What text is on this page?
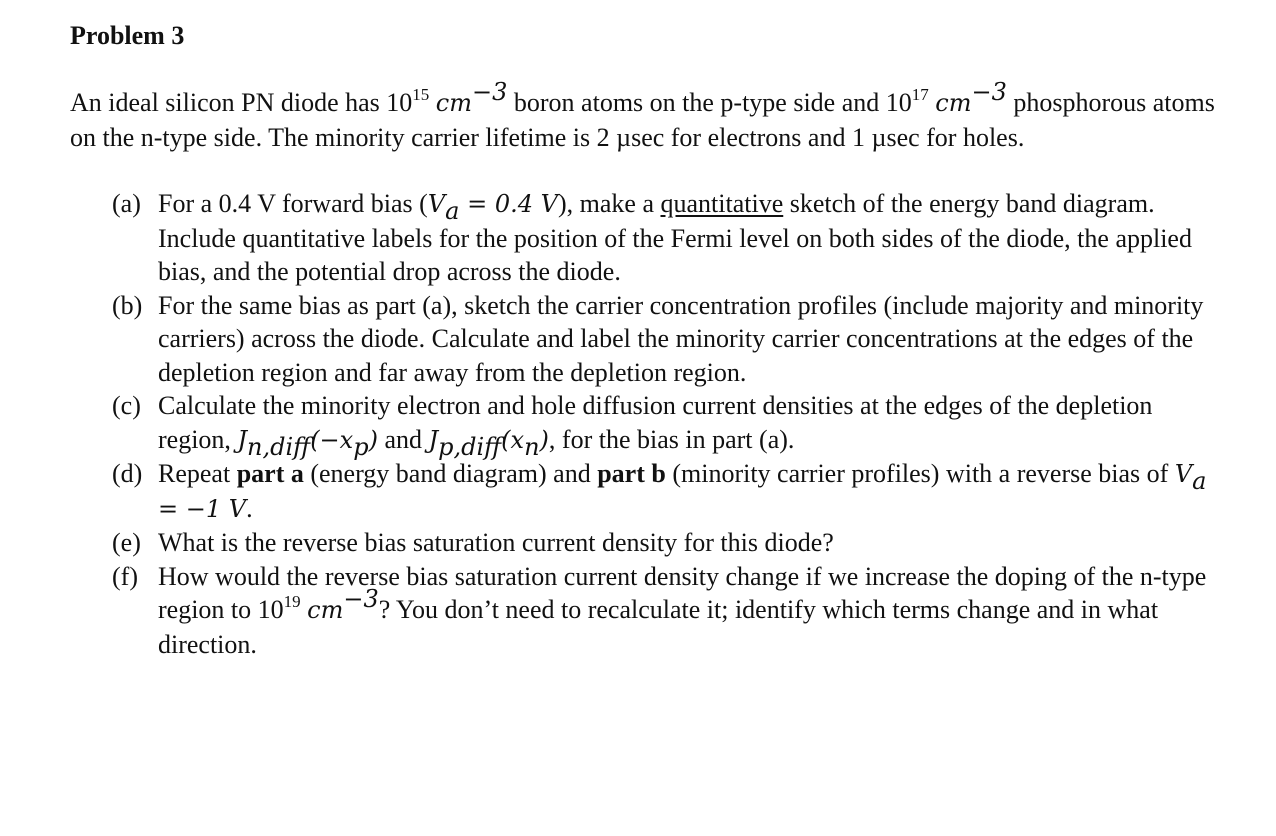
Problem 3

An ideal silicon PN diode has $10^{15}$ $cm^{-3}$ boron atoms on the p-type side and $10^{17}$ $cm^{-3}$ phosphorous atoms on the n-type side. The minority carrier lifetime is 2 µsec for electrons and 1 µsec for holes.

(a) For a 0.4 V forward bias ($V_a = 0.4$ V), make a quantitative sketch of the energy band diagram. Include quantitative labels for the position of the Fermi level on both sides of the diode, the applied bias, and the potential drop across the diode.
(b) For the same bias as part (a), sketch the carrier concentration profiles (include majority and minority carriers) across the diode. Calculate and label the minority carrier concentrations at the edges of the depletion region and far away from the depletion region.
(c) Calculate the minority electron and hole diffusion current densities at the edges of the depletion region, $J_{n,diff}(-x_p)$ and $J_{p,diff}(x_n)$, for the bias in part (a).
(d) Repeat part a (energy band diagram) and part b (minority carrier profiles) with a reverse bias of $V_a = -1$ V.
(e) What is the reverse bias saturation current density for this diode?
(f) How would the reverse bias saturation current density change if we increase the doping of the n-type region to $10^{19}$ $cm^{-3}$? You don’t need to recalculate it; identify which terms change and in what direction.
